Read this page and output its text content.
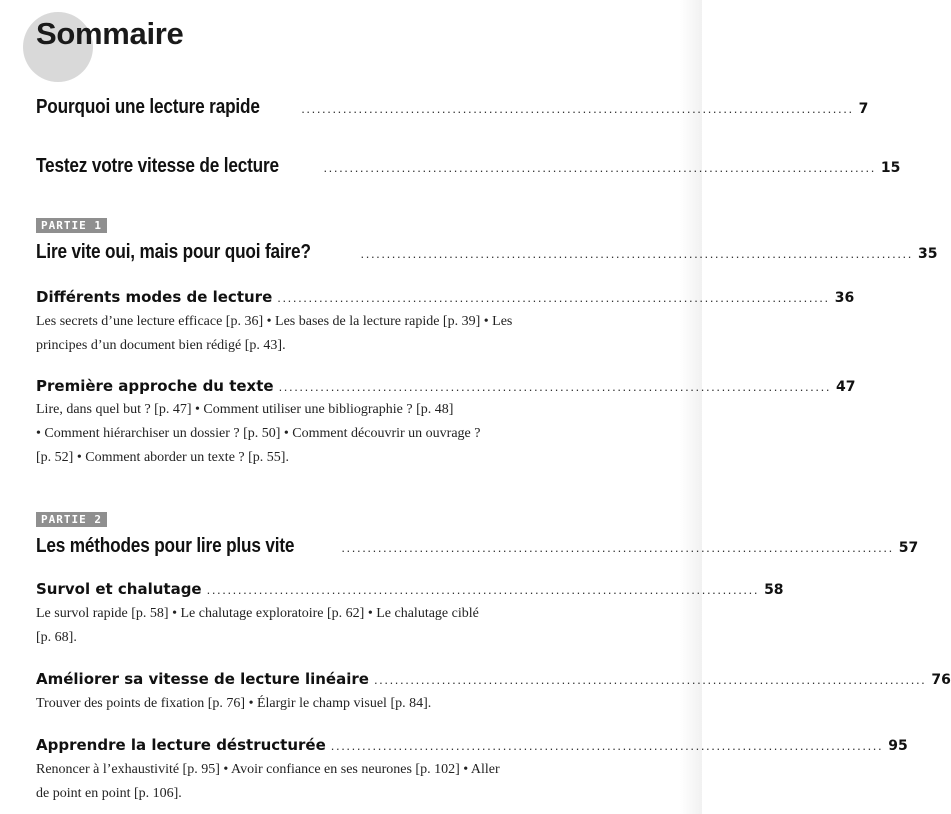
Sommaire
Pourquoi une lecture rapide	.......................................................................................................... 7
Testez votre vitesse de lecture	.......................................................................................................... 15
PARTIE 1
Lire vite oui, mais pour quoi faire?	.......................................................................................................... 35
Différents modes de lecture .......................................................................................................... 36
Les secrets d’une lecture efficace [p. 36] • Les bases de la lecture rapide [p. 39] • Les
principes d’un document bien rédigé [p. 43].
Première approche du texte .......................................................................................................... 47
Lire, dans quel but ? [p. 47] • Comment utiliser une bibliographie ? [p. 48]
• Comment hiérarchiser un dossier ? [p. 50] • Comment découvrir un ouvrage ?
[p. 52] • Comment aborder un texte ? [p. 55].
PARTIE 2
Les méthodes pour lire plus vite	.......................................................................................................... 57
Survol et chalutage .......................................................................................................... 58
Le survol rapide [p. 58] • Le chalutage exploratoire [p. 62] • Le chalutage ciblé
[p. 68].
Améliorer sa vitesse de lecture linéaire .......................................................................................................... 76
Trouver des points de fixation [p. 76] • Élargir le champ visuel [p. 84].
Apprendre la lecture déstructurée .......................................................................................................... 95
Renoncer à l’exhaustivité [p. 95] • Avoir confiance en ses neurones [p. 102] • Aller
de point en point [p. 106].
